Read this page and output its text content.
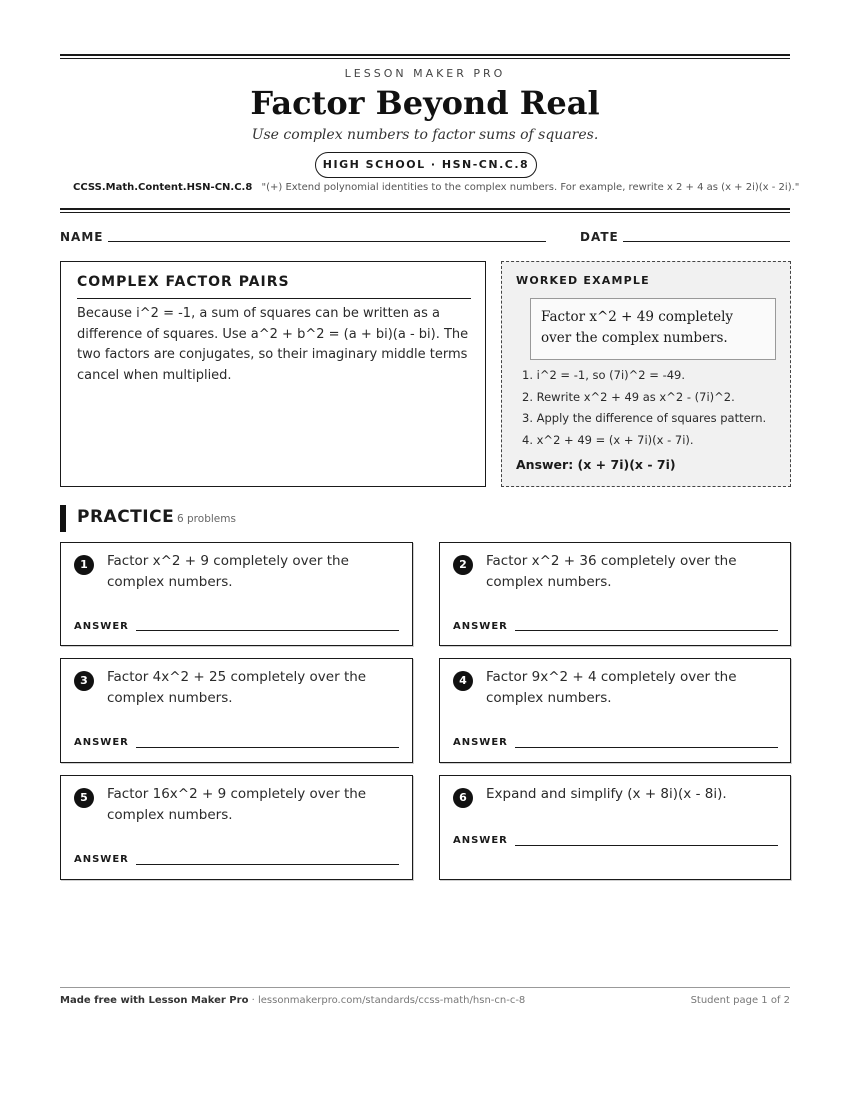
LESSON MAKER PRO
Factor Beyond Real
Use complex numbers to factor sums of squares.
HIGH SCHOOL · HSN-CN.C.8
CCSS.Math.Content.HSN-CN.C.8 "(+) Extend polynomial identities to the complex numbers. For example, rewrite x 2 + 4 as (x + 2i)(x - 2i)."
NAME	DATE
COMPLEX FACTOR PAIRS

Because i^2 = -1, a sum of squares can be written as a difference of squares. Use a^2 + b^2 = (a + bi)(a - bi). The two factors are conjugates, so their imaginary middle terms cancel when multiplied.

WORKED EXAMPLE
Factor x^2 + 49 completely over the complex numbers.
1. i^2 = -1, so (7i)^2 = -49.
2. Rewrite x^2 + 49 as x^2 - (7i)^2.
3. Apply the difference of squares pattern.
4. x^2 + 49 = (x + 7i)(x - 7i).
Answer: (x + 7i)(x - 7i)
PRACTICE 6 problems
1	Factor x^2 + 9 completely over the complex numbers.
ANSWER
2	Factor x^2 + 36 completely over the complex numbers.
ANSWER
3	Factor 4x^2 + 25 completely over the complex numbers.
ANSWER
4	Factor 9x^2 + 4 completely over the complex numbers.
ANSWER
5	Factor 16x^2 + 9 completely over the complex numbers.
ANSWER
6	Expand and simplify (x + 8i)(x - 8i).
ANSWER
Made free with Lesson Maker Pro · lessonmakerpro.com/standards/ccss-math/hsn-cn-c-8	Student page 1 of 2
